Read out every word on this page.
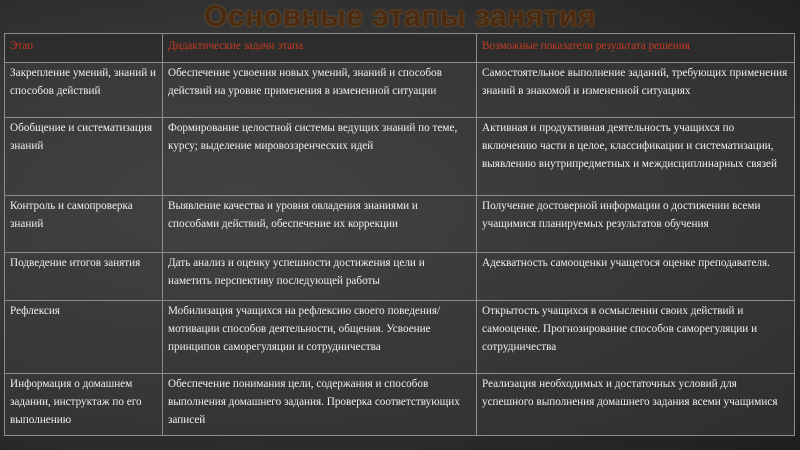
Основные этапы занятия
Этап	Дидактические задачи этапа	Возможные показатели результата решения
Закрепление умений, знаний и способов действий	Обеспечение усвоения новых умений, знаний и способов действий на уровне применения в измененной ситуации	Самостоятельное выполнение заданий, требующих применения знаний в знакомой и измененной ситуациях
Обобщение и систематизация знаний	Формирование целостной системы ведущих знаний по теме, курсу; выделение мировоззренческих идей	Активная и продуктивная деятельность учащихся по включению части в целое, классификации и систематизации, выявлению внутрипредметных и междисциплинарных связей
Контроль и самопроверка знаний	Выявление качества и уровня овладения знаниями и способами действий, обеспечение их коррекции	Получение достоверной информации о достижении всеми учащимися планируемых результатов обучения
Подведение итогов занятия	Дать анализ и оценку успешности достижения цели и наметить перспективу последующей работы	Адекватность самооценки учащегося оценке преподавателя.
Рефлексия	Мобилизация учащихся на рефлексию своего поведения/ мотивации способов деятельности, общения. Усвоение принципов саморегуляции и сотрудничества	Открытость учащихся в осмыслении своих действий и самооценке. Прогнозирование способов саморегуляции и сотрудничества
Информация о домашнем задании, инструктаж по его выполнению	Обеспечение понимания цели, содержания и способов выполнения домашнего задания. Проверка соответствующих записей	Реализация необходимых и достаточных условий для успешного выполнения домашнего задания всеми учащимися
